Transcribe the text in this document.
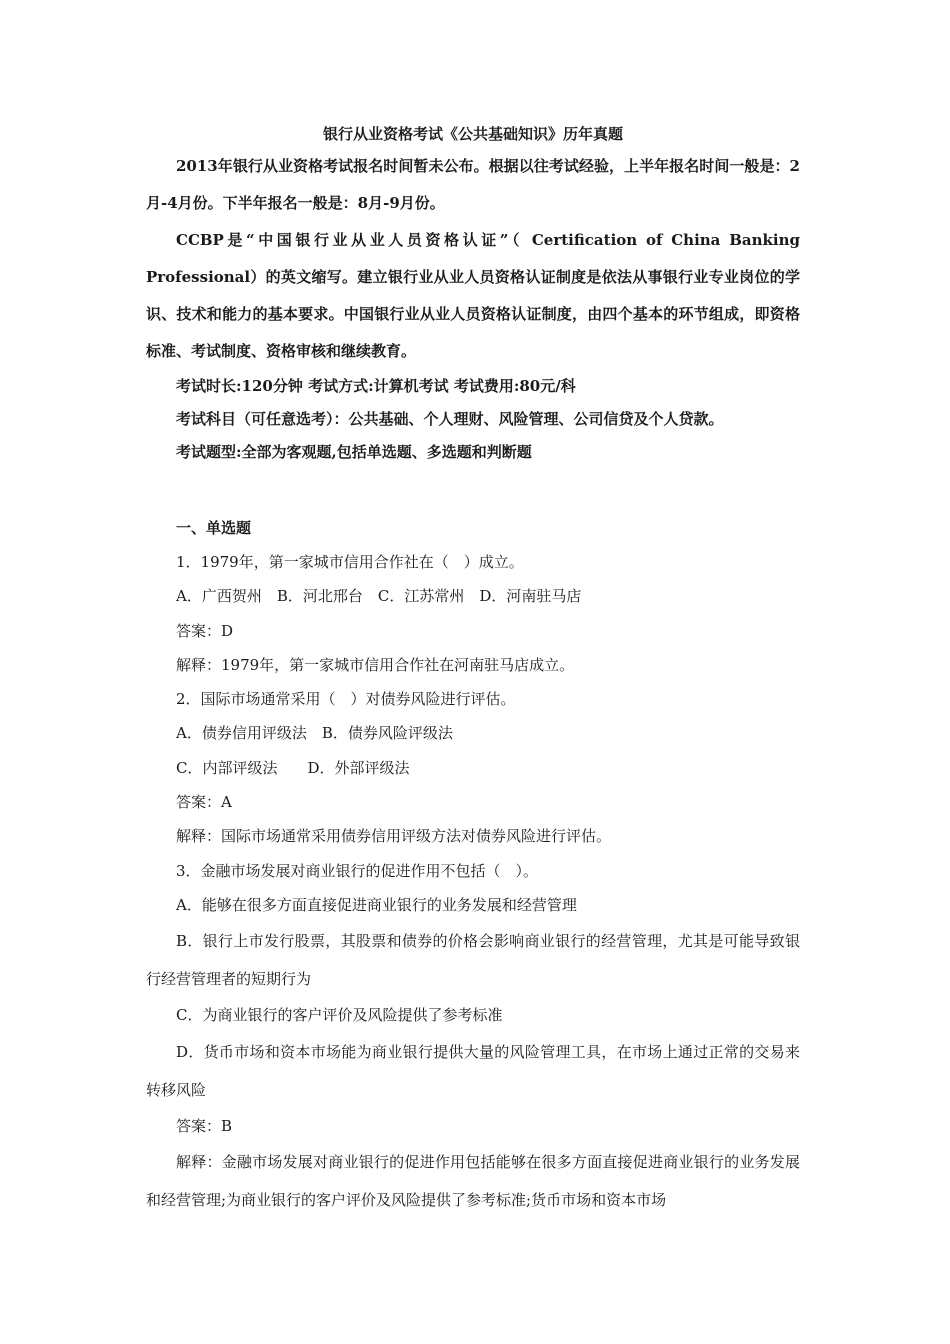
银行从业资格考试《公共基础知识》历年真题

2013年银行从业资格考试报名时间暂未公布。根据以往考试经验，上半年报名时间一般是：2月-4月份。下半年报名一般是：8月-9月份。

CCBP是“中国银行业从业人员资格认证”（ Certification of China Banking Professional）的英文缩写。建立银行业从业人员资格认证制度是依法从事银行业专业岗位的学识、技术和能力的基本要求。中国银行业从业人员资格认证制度，由四个基本的环节组成，即资格标准、考试制度、资格审核和继续教育。

考试时长:120分钟 考试方式:计算机考试 考试费用:80元/科

考试科目（可任意选考）：公共基础、个人理财、风险管理、公司信贷及个人贷款。

考试题型:全部为客观题,包括单选题、多选题和判断题

一、单选题

1．1979年，第一家城市信用合作社在（　）成立。

A．广西贺州　B．河北邢台　C．江苏常州　D．河南驻马店

答案：D

解释：1979年，第一家城市信用合作社在河南驻马店成立。

2．国际市场通常采用（　）对债券风险进行评估。

A．债券信用评级法　B．债券风险评级法

C．内部评级法　　D．外部评级法

答案：A

解释：国际市场通常采用债券信用评级方法对债券风险进行评估。

3．金融市场发展对商业银行的促进作用不包括（　）。

A．能够在很多方面直接促进商业银行的业务发展和经营管理

B．银行上市发行股票，其股票和债券的价格会影响商业银行的经营管理，尤其是可能导致银行经营管理者的短期行为

C．为商业银行的客户评价及风险提供了参考标准

D．货币市场和资本市场能为商业银行提供大量的风险管理工具，在市场上通过正常的交易来转移风险

答案：B

解释：金融市场发展对商业银行的促进作用包括能够在很多方面直接促进商业银行的业务发展和经营管理;为商业银行的客户评价及风险提供了参考标准;货币市场和资本市场
